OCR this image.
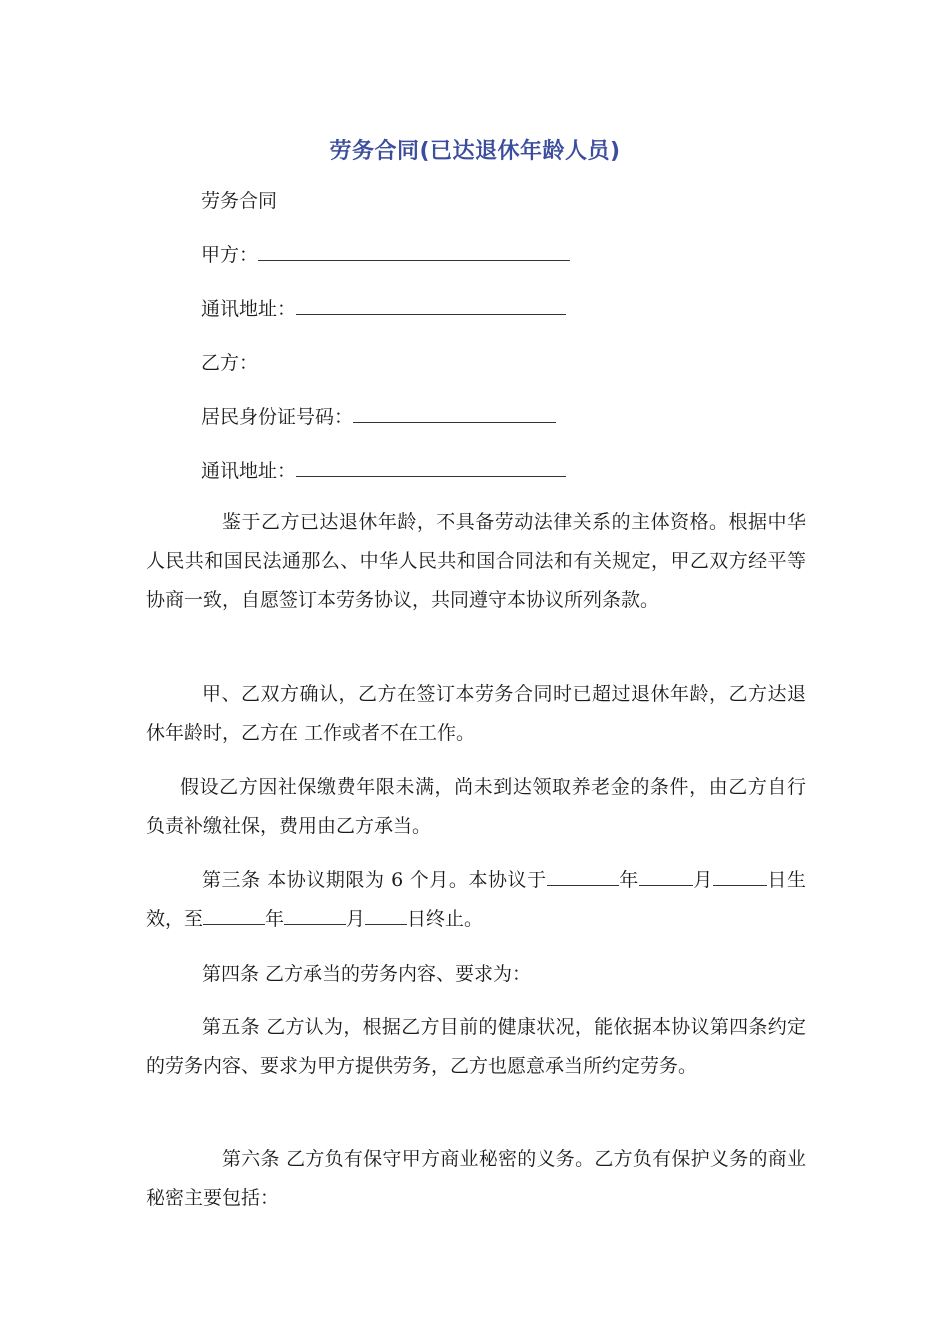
劳务合同(已达退休年龄人员)
劳务合同
甲方：
通讯地址：
乙方：
居民身份证号码：
通讯地址：
鉴于乙方已达退休年龄，不具备劳动法律关系的主体资格。根据中华人民共和国民法通那么、中华人民共和国合同法和有关规定，甲乙双方经平等协商一致，自愿签订本劳务协议，共同遵守本协议所列条款。
甲、乙双方确认，乙方在签订本劳务合同时已超过退休年龄，乙方达退休年龄时，乙方在 工作或者不在工作。
假设乙方因社保缴费年限未满，尚未到达领取养老金的条件，由乙方自行负责补缴社保，费用由乙方承当。
第三条 本协议期限为 6 个月。本协议于	年	月	日生效，至	年	月 日终止。
第四条 乙方承当的劳务内容、要求为：
第五条 乙方认为，根据乙方目前的健康状况，能依据本协议第四条约定的劳务内容、要求为甲方提供劳务，乙方也愿意承当所约定劳务。
第六条 乙方负有保守甲方商业秘密的义务。乙方负有保护义务的商业秘密主要包括：
